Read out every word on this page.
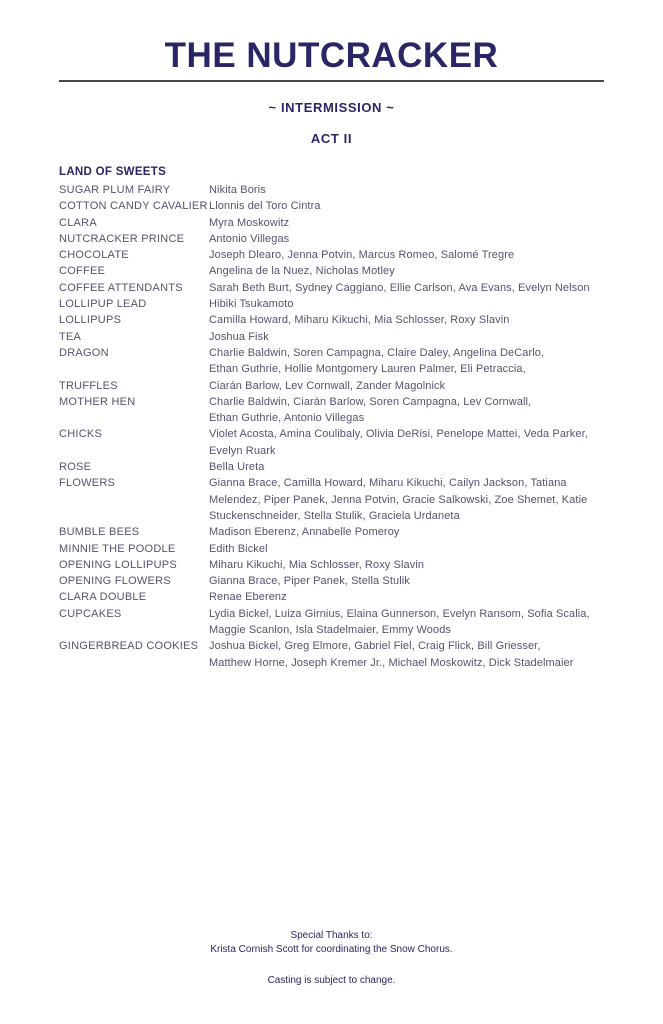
THE NUTCRACKER
~ INTERMISSION ~
ACT II
LAND OF SWEETS
SUGAR PLUM FAIRY	Nikita Boris
COTTON CANDY CAVALIER Llonnis del Toro Cintra
CLARA	Myra Moskowitz
NUTCRACKER PRINCE	Antonio Villegas
CHOCOLATE	Joseph Dlearo, Jenna Potvin, Marcus Romeo, Salomé Tregre
COFFEE	Angelina de la Nuez, Nicholas Motley
COFFEE ATTENDANTS	Sarah Beth Burt, Sydney Caggiano, Ellie Carlson, Ava Evans, Evelyn Nelson
LOLLIPUP LEAD	Hibiki Tsukamoto
LOLLIPUPS	Camilla Howard, Miharu Kikuchi, Mia Schlosser, Roxy Slavin
TEA	Joshua Fisk
DRAGON	Charlie Baldwin, Soren Campagna, Claire Daley, Angelina DeCarlo,
Ethan Guthrie, Hollie Montgomery Lauren Palmer, Eli Petraccia,
TRUFFLES	Ciarán Barlow, Lev Cornwall, Zander Magolnick
MOTHER HEN	Charlie Baldwin, Ciarán Barlow, Soren Campagna, Lev Cornwall,
Ethan Guthrie, Antonio Villegas
CHICKS	Violet Acosta, Amina Coulibaly, Olivia DeRisi, Penelope Mattei, Veda Parker,
Evelyn Ruark
ROSE	Bella Ureta
FLOWERS	Gianna Brace, Camilla Howard, Miharu Kikuchi, Cailyn Jackson, Tatiana
Melendez, Piper Panek, Jenna Potvin, Gracie Salkowski, Zoe Shemet, Katie
Stuckenschneider, Stella Stulik, Graciela Urdaneta
BUMBLE BEES	Madison Eberenz, Annabelle Pomeroy
MINNIE THE POODLE	Edith Bickel
OPENING LOLLIPUPS	Miharu Kikuchi, Mia Schlosser, Roxy Slavin
OPENING FLOWERS	Gianna Brace, Piper Panek, Stella Stulik
CLARA DOUBLE	Renae Eberenz
CUPCAKES	Lydia Bickel, Luiza Girnius, Elaina Gunnerson, Evelyn Ransom, Sofia Scalia,
Maggie Scanlon, Isla Stadelmaier, Emmy Woods
GINGERBREAD COOKIES Joshua Bickel, Greg Elmore, Gabriel Fiel, Craig Flick, Bill Griesser,
Matthew Horne, Joseph Kremer Jr., Michael Moskowitz, Dick Stadelmaier
Special Thanks to:
Krista Cornish Scott for coordinating the Snow Chorus.
Casting is subject to change.
